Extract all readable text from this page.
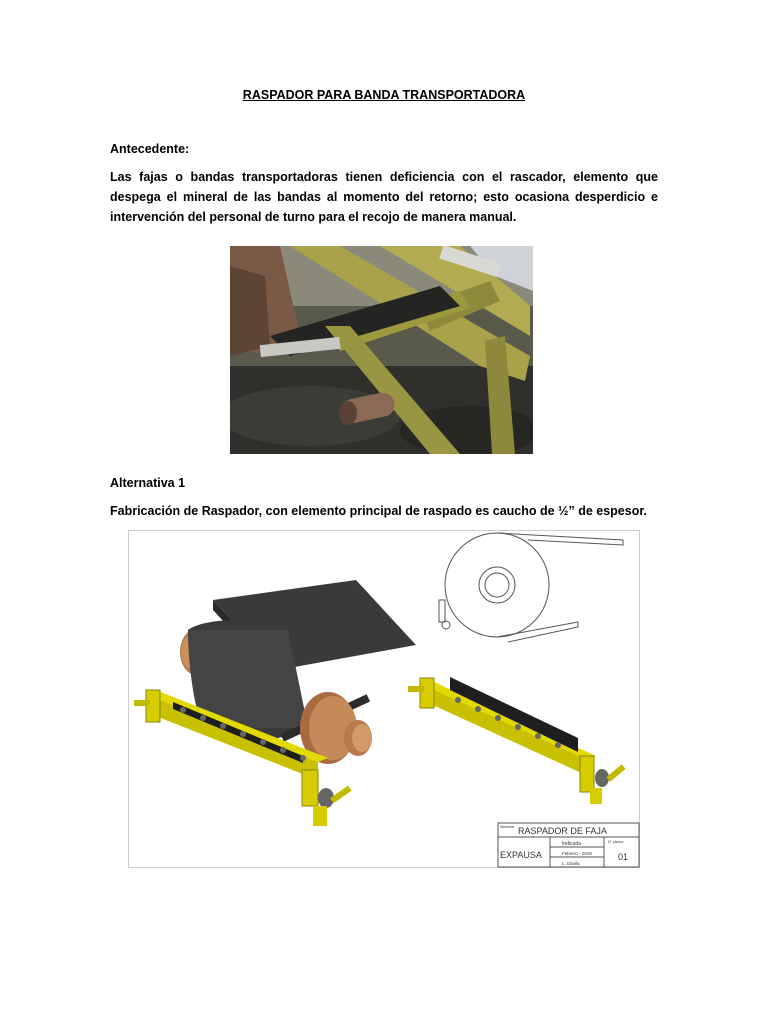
RASPADOR PARA BANDA TRANSPORTADORA
Antecedente:
Las fajas o bandas transportadoras tienen deficiencia con el rascador, elemento que despega el mineral de las bandas al momento del retorno; esto ocasiona desperdicio e intervención del personal de turno para el recojo de manera manual.
Alternativa 1
Fabricación de Raspador, con elemento principal de raspado es caucho de ½” de espesor.
Nombre RASPADOR DE FAJA
EXPAUSA
Indicada
Febrero - 2019
L. Dávila
N° planos
01
